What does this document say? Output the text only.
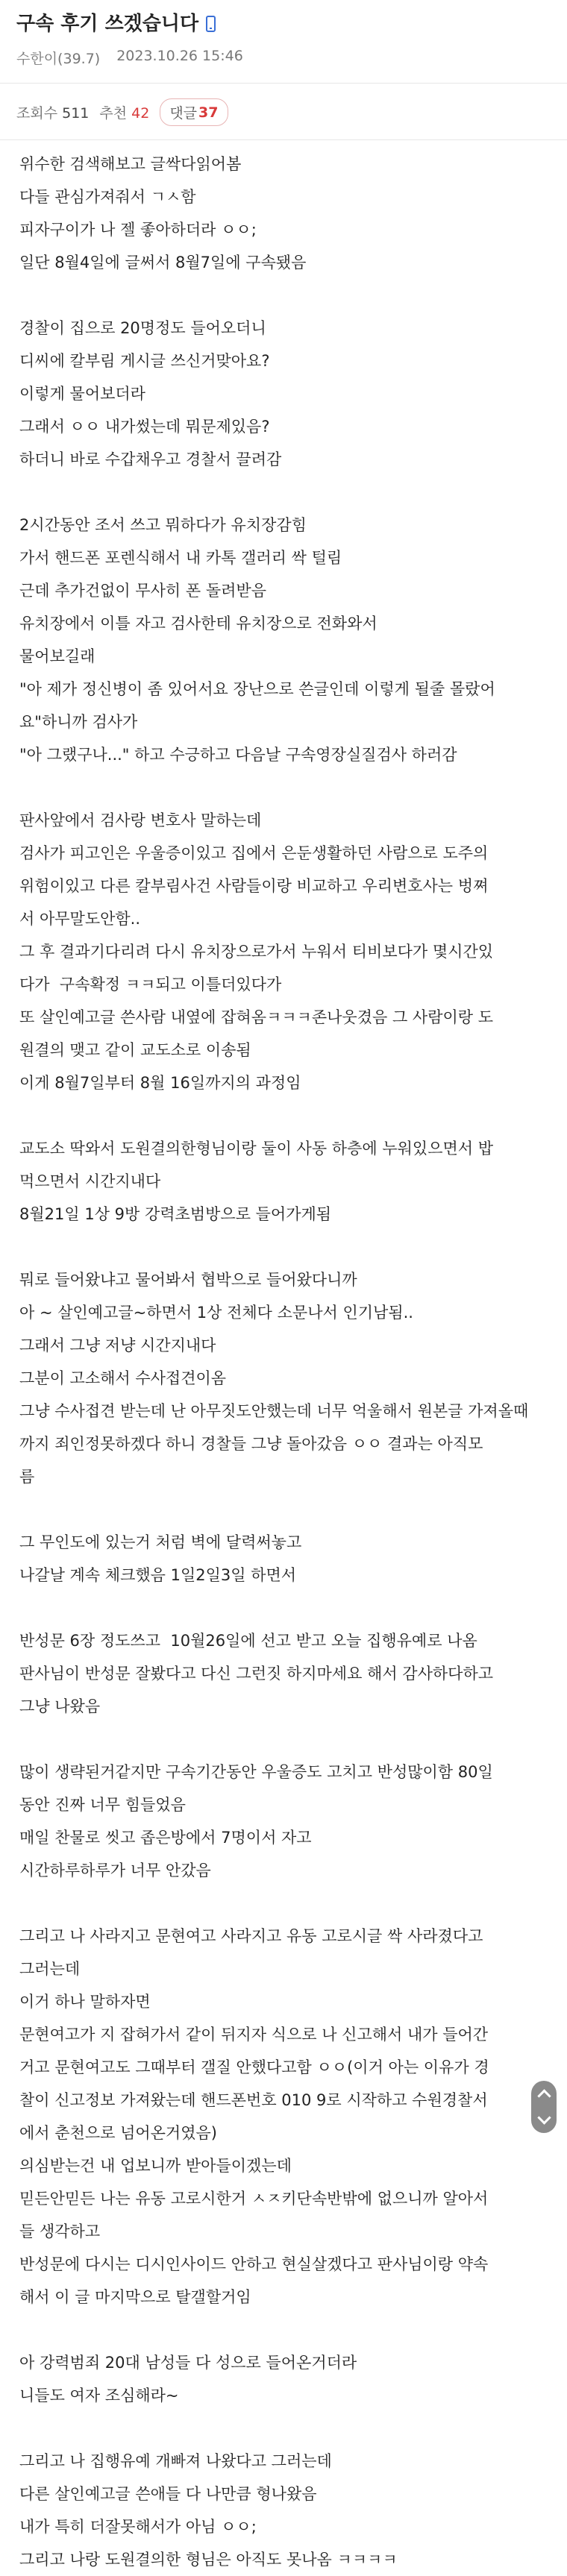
구속 후기 쓰겠습니다
수한이(39.7) 2023.10.26 15:46
조회수 511 추천 42 댓글 37
위수한 검색해보고 글싹다읽어봄
다들 관심가져줘서 ㄱㅅ함
피자구이가 나 젤 좋아하더라 ㅇㅇ;
일단 8월4일에 글써서 8월7일에 구속됐음
경찰이 집으로 20명정도 들어오더니
디씨에 칼부림 게시글 쓰신거맞아요?
이렇게 물어보더라
그래서 ㅇㅇ 내가썼는데 뭐문제있음?
하더니 바로 수갑채우고 경찰서 끌려감
2시간동안 조서 쓰고 뭐하다가 유치장감힘
가서 핸드폰 포렌식해서 내 카톡 갤러리 싹 털림
근데 추가건없이 무사히 폰 돌려받음
유치장에서 이틀 자고 검사한테 유치장으로 전화와서
물어보길래
"아 제가 정신병이 좀 있어서요 장난으로 쓴글인데 이렇게 될줄 몰랐어
요"하니까 검사가
"아 그랬구나..." 하고 수긍하고 다음날 구속영장실질검사 하러감
판사앞에서 검사랑 변호사 말하는데
검사가 피고인은 우울증이있고 집에서 은둔생활하던 사람으로 도주의
위험이있고 다른 칼부림사건 사람들이랑 비교하고 우리변호사는 벙쪄
서 아무말도안함..
그 후 결과기다리려 다시 유치장으로가서 누워서 티비보다가 몇시간있
다가  구속확정 ㅋㅋ되고 이틀더있다가
또 살인예고글 쓴사람 내옆에 잡혀옴ㅋㅋㅋ존나웃겼음 그 사람이랑 도
원결의 맺고 같이 교도소로 이송됨
이게 8월7일부터 8월 16일까지의 과정임
교도소 딱와서 도원결의한형님이랑 둘이 사동 하층에 누워있으면서 밥
먹으면서 시간지내다
8월21일 1상 9방 강력초범방으로 들어가게됨
뭐로 들어왔냐고 물어봐서 협박으로 들어왔다니까
아 ~ 살인예고글~하면서 1상 전체다 소문나서 인기남됨..
그래서 그냥 저냥 시간지내다
그분이 고소해서 수사접견이옴
그냥 수사접견 받는데 난 아무짓도안했는데 너무 억울해서 원본글 가져올때
까지 죄인정못하겠다 하니 경찰들 그냥 돌아갔음 ㅇㅇ 결과는 아직모
름
그 무인도에 있는거 처럼 벽에 달력써놓고
나갈날 계속 체크했음 1일2일3일 하면서
반성문 6장 정도쓰고  10월26일에 선고 받고 오늘 집행유예로 나옴
판사님이 반성문 잘봤다고 다신 그런짓 하지마세요 해서 감사하다하고
그냥 나왔음
많이 생략된거같지만 구속기간동안 우울증도 고치고 반성많이함 80일
동안 진짜 너무 힘들었음
매일 찬물로 씻고 좁은방에서 7명이서 자고
시간하루하루가 너무 안갔음
그리고 나 사라지고 문현여고 사라지고 유동 고로시글 싹 사라졌다고
그러는데
이거 하나 말하자면
문현여고가 지 잡혀가서 같이 뒤지자 식으로 나 신고해서 내가 들어간
거고 문현여고도 그때부터 갤질 안했다고함 ㅇㅇ(이거 아는 이유가 경
찰이 신고정보 가져왔는데 핸드폰번호 010 9로 시작하고 수원경찰서
에서 춘천으로 넘어온거였음)
의심받는건 내 업보니까 받아들이겠는데
믿든안믿든 나는 유동 고로시한거 ㅅㅈ키단속반밖에 없으니까 알아서
들 생각하고
반성문에 다시는 디시인사이드 안하고 현실살겠다고 판사님이랑 약속
해서 이 글 마지막으로 탈갤할거임
아 강력범죄 20대 남성들 다 성으로 들어온거더라
니들도 여자 조심해라~
그리고 나 집행유예 개빠져 나왔다고 그러는데
다른 살인예고글 쓴애들 다 나만큼 형나왔음
내가 특히 더잘못해서가 아님 ㅇㅇ;
그리고 나랑 도원결의한 형님은 아직도 못나옴 ㅋㅋㅋㅋ
